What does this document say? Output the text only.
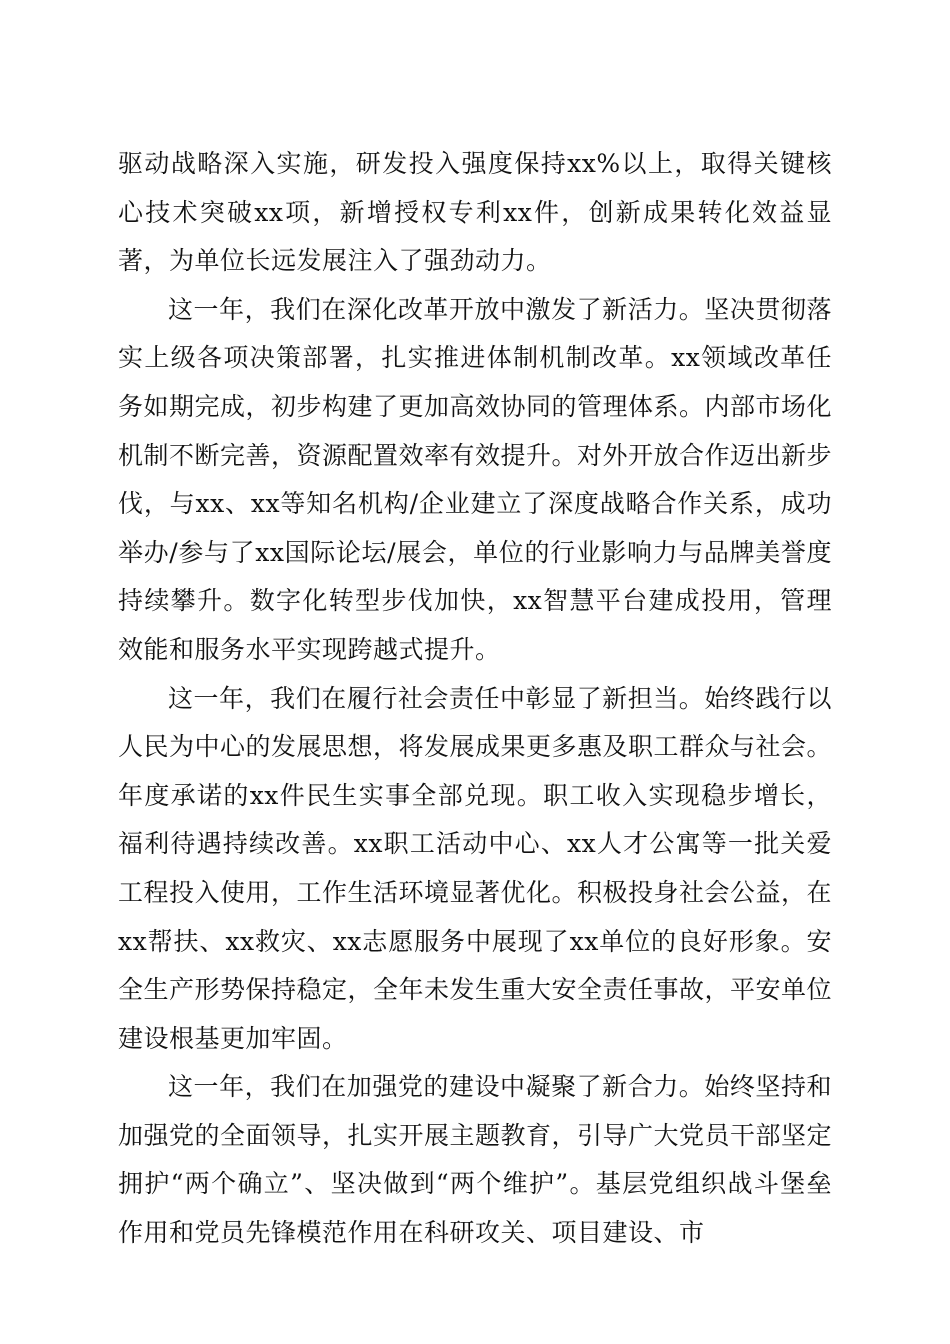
驱动战略深入实施，研发投入强度保持xx%以上，取得关键核心技术突破xx项，新增授权专利xx件，创新成果转化效益显著，为单位长远发展注入了强劲动力。

这一年，我们在深化改革开放中激发了新活力。坚决贯彻落实上级各项决策部署，扎实推进体制机制改革。xx领域改革任务如期完成，初步构建了更加高效协同的管理体系。内部市场化机制不断完善，资源配置效率有效提升。对外开放合作迈出新步伐，与xx、xx等知名机构/企业建立了深度战略合作关系，成功举办/参与了xx国际论坛/展会，单位的行业影响力与品牌美誉度持续攀升。数字化转型步伐加快，xx智慧平台建成投用，管理效能和服务水平实现跨越式提升。

这一年，我们在履行社会责任中彰显了新担当。始终践行以人民为中心的发展思想，将发展成果更多惠及职工群众与社会。年度承诺的xx件民生实事全部兑现。职工收入实现稳步增长，福利待遇持续改善。xx职工活动中心、xx人才公寓等一批关爱工程投入使用，工作生活环境显著优化。积极投身社会公益，在xx帮扶、xx救灾、xx志愿服务中展现了xx单位的良好形象。安全生产形势保持稳定，全年未发生重大安全责任事故，平安单位建设根基更加牢固。

这一年，我们在加强党的建设中凝聚了新合力。始终坚持和加强党的全面领导，扎实开展主题教育，引导广大党员干部坚定拥护“两个确立”、坚决做到“两个维护”。基层党组织战斗堡垒作用和党员先锋模范作用在科研攻关、项目建设、市
